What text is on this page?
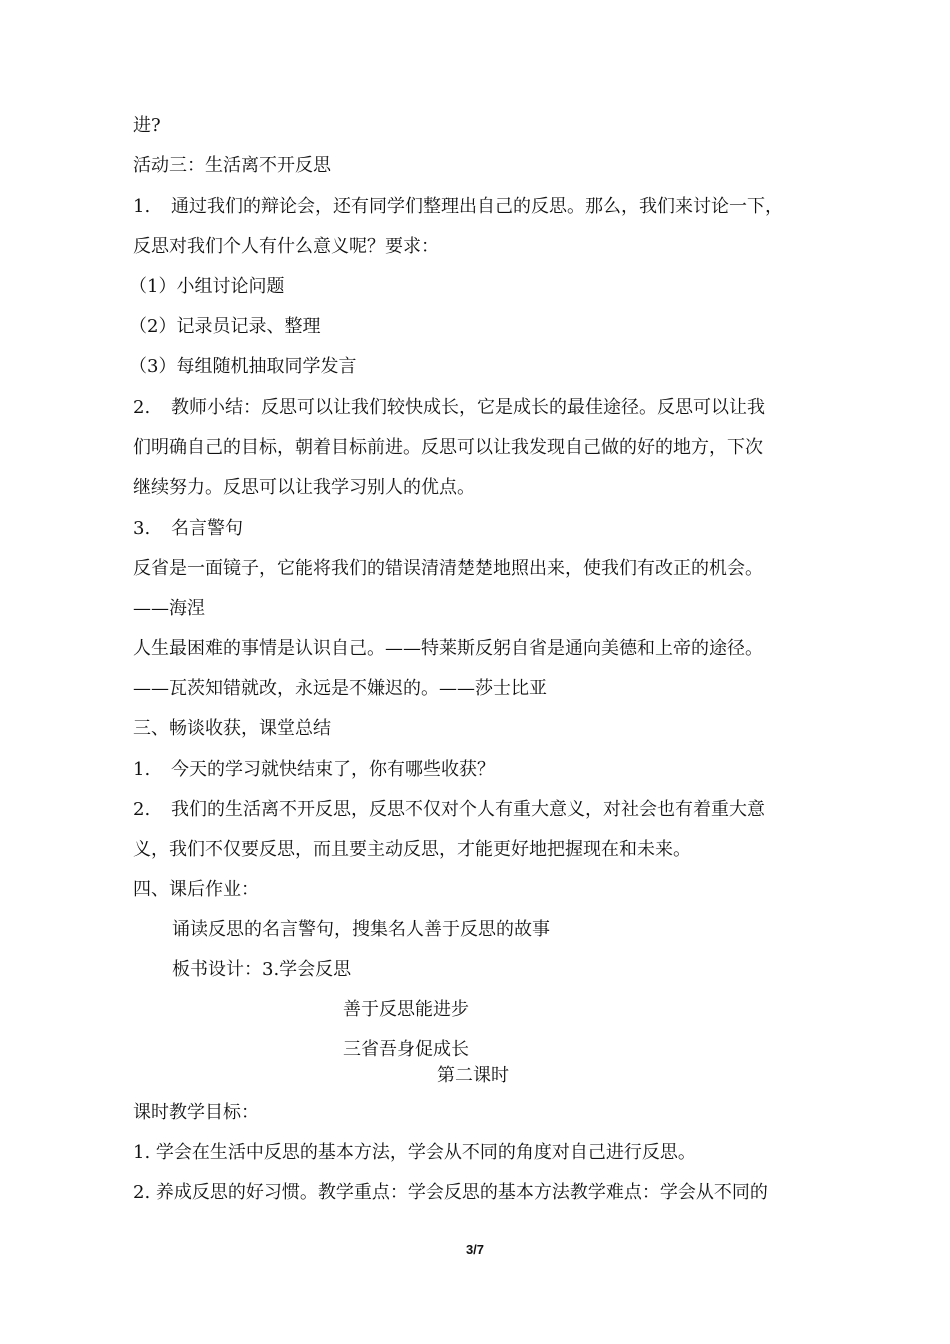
进?
活动三：生活离不开反思
1. 通过我们的辩论会，还有同学们整理出自己的反思。那么，我们来讨论一下，
反思对我们个人有什么意义呢？要求：
（1）小组讨论问题
（2）记录员记录、整理
（3）每组随机抽取同学发言
2. 教师小结：反思可以让我们较快成长，它是成长的最佳途径。反思可以让我
们明确自己的目标，朝着目标前进。反思可以让我发现自己做的好的地方，下次
继续努力。反思可以让我学习别人的优点。
3. 名言警句
反省是一面镜子，它能将我们的错误清清楚楚地照出来，使我们有改正的机会。
——海涅
人生最困难的事情是认识自己。——特莱斯反躬自省是通向美德和上帝的途径。
——瓦茨知错就改，永远是不嫌迟的。——莎士比亚
三、畅谈收获，课堂总结
1. 今天的学习就快结束了，你有哪些收获？
2. 我们的生活离不开反思，反思不仅对个人有重大意义，对社会也有着重大意
义，我们不仅要反思，而且要主动反思，才能更好地把握现在和未来。
四、课后作业：
诵读反思的名言警句，搜集名人善于反思的故事
板书设计：3.学会反思
善于反思能进步
三省吾身促成长
第二课时
课时教学目标：
1. 学会在生活中反思的基本方法，学会从不同的角度对自己进行反思。
2. 养成反思的好习惯。教学重点：学会反思的基本方法教学难点：学会从不同的
3/7
